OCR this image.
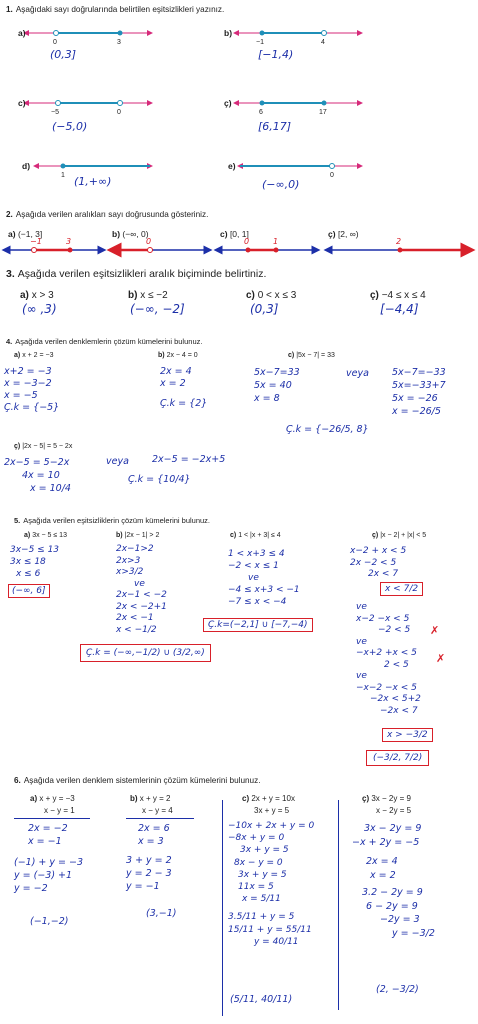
1. Aşağıdaki sayı doğrularında belirtilen eşitsizlikleri yazınız.
a)
0	3
(0,3]
b)
−1	4
[−1,4)
c)
−5	0
(−5,0)
ç)
6	17
[6,17]
d)
1 (1,+∞)
e)
0
(−∞,0)
2. Aşağıda verilen aralıkları sayı doğrusunda gösteriniz.
a) (−1, 3]	b) (−∞, 0)	c) [0, 1]	ç) [2, ∞)
−1	3	0	0	1	2
3. Aşağıda verilen eşitsizlikleri aralık biçiminde belirtiniz.
a) x > 3	b) x ≤ −2	c) 0 < x ≤ 3	ç) −4 ≤ x ≤ 4
(∞ ,3)	(−∞, −2]	(0,3]	[−4,4]
4. Aşağıda verilen denklemlerin çözüm kümelerini bulunuz.
a) x + 2 = −3
x+2 = −3
x = −3−2
x = −5
Ç.k = {−5}
b) 2x − 4 = 0
2x = 4
x = 2
Ç.k = {2}
c) |5x − 7| = 33
5x−7=33
5x = 40
x = 8
veya 5x−7=−33
5x=−33+7
5x = −26
x = −26/5
Ç.k = {−26/5, 8}
ç) |2x − 5| = 5 − 2x
2x−5 = 5−2x
4x = 10
x = 10/4
veya 2x−5 = −2x+5
Ç.k = {10/4}
5. Aşağıda verilen eşitsizliklerin çözüm kümelerini bulunuz.
a) 3x − 5 ≤ 13
3x−5 ≤ 13
3x ≤ 18
x ≤ 6
(−∞, 6]
b) |2x − 1| > 2
2x−1>2
2x>3
x>3/2
ve
2x−1 < −2
2x < −2+1
2x < −1
x < −1/2
Ç.k = (−∞,−1/2) ∪ (3/2,∞)
c) 1 < |x + 3| ≤ 4
1 < x+3 ≤ 4
−2 < x ≤ 1
ve
−4 ≤ x+3 < −1
−7 ≤ x < −4
Ç.k=(−2,1] ∪ [−7,−4)
ç) |x − 2| + |x| < 5
x−2 + x < 5
2x −2 < 5
2x < 7
x < 7/2
ve
x−2 −x < 5
−2 < 5
ve
−x+2 +x < 5
2 < 5
ve
−x−2 −x < 5
−2x < 5+2
−2x < 7
✗
✗
x > −3/2
(−3/2, 7/2)
6. Aşağıda verilen denklem sistemlerinin çözüm kümelerini bulunuz.
a) x + y = −3
x − y = 1
2x = −2
x = −1
(−1) + y = −3
y = (−3) +1
y = −2
(−1,−2)
b) x + y = 2
x − y = 4
2x = 6
x = 3
3 + y = 2
y = 2 − 3
y = −1
(3,−1)
c) 2x + y = 10x
3x + y = 5
−10x + 2x + y = 0
−8x + y = 0
3x + y = 5
8x − y = 0
3x + y = 5
11x = 5
x = 5/11
3.5/11 + y = 5
15/11 + y = 55/11
y = 40/11
(5/11, 40/11)
ç) 3x − 2y = 9
x − 2y = 5
3x − 2y = 9
−x + 2y = −5
2x = 4
x = 2
3.2 − 2y = 9
6 − 2y = 9
−2y = 3
y = −3/2
(2, −3/2)
